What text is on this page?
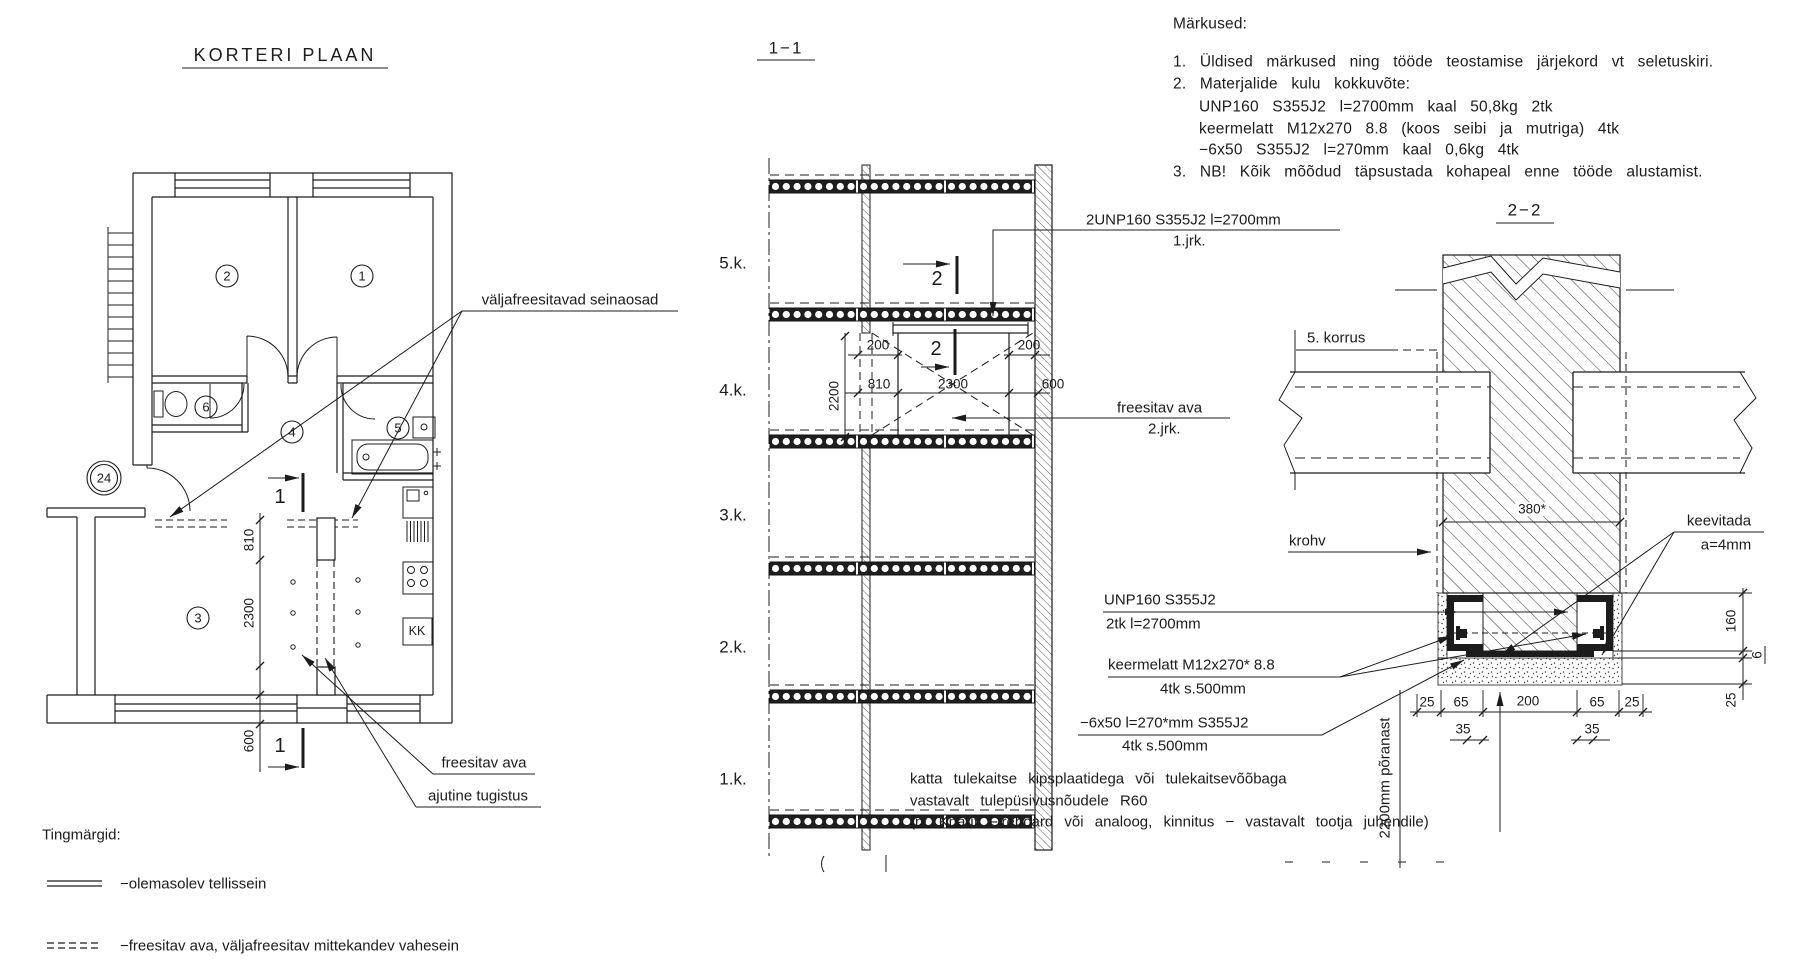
KORTERI PLAAN
1
2
3
4	5
6
24
KK
810
2300
600
1
1
väljafreesitavad seinaosad
freesitav ava
ajutine tugistus
Tingmärgid:
−olemasolev tellissein
−freesitav ava, väljafreesitav mittekandev vahesein
1−1
5.k.
4.k.
3.k.
2.k.
1.k.
2UNP160 S355J2 l=2700mm
1.jrk.
freesitav ava
2.jrk.
200	200
810	2300	600
2200
2
2
Märkused:
1. Üldised märkused ning tööde teostamise järjekord vt seletuskiri.
2. Materjalide kulu kokkuvõte:
UNP160 S355J2 l=2700mm kaal 50,8kg 2tk
keermelatt M12x270 8.8 (koos seibi ja mutriga) 4tk
−6x50 S355J2 l=270mm kaal 0,6kg 4tk
3. NB! Kõik mõõdud täpsustada kohapeal enne tööde alustamist.
2−2
5. korrus
krohv
380*
keevitada
a=4mm
UNP160 S355J2
2tk l=2700mm
keermelatt M12x270* 8.8
4tk s.500mm
−6x50 l=270*mm S355J2
4tk s.500mm	2200mm põranast
25 65	200	65 25
35	35
160
6
25
katta tulekaitse kipsplaatidega või tulekaitsevõõbaga
vastavalt tulepüsivusnõudele R60
(nt Knauf Fireboard või analoog, kinnitus − vastavalt tootja juhendile)
